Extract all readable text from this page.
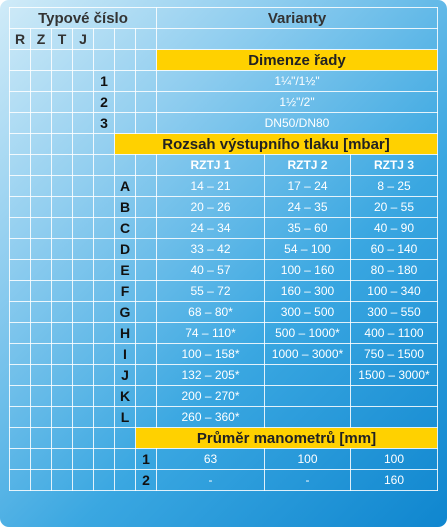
Typové číslo							Varianty		
R	Z	T	J						
							Dimenze řady		
				1			1¼"/1½"		
				2			1½"/2"		
				3			DN50/DN80		
					Rozsah výstupního tlaku [mbar]				
							RZTJ 1	RZTJ 2	RZTJ 3
					A		14 – 21	17 – 24	8 – 25
					B		20 – 26	24 – 35	20 – 55
					C		24 – 34	35 – 60	40 – 90
					D		33 – 42	54 – 100	60 – 140
					E		40 – 57	100 – 160	80 – 180
					F		55 – 72	160 – 300	100 – 340
					G		68 – 80*	300 – 500	300 – 550
					H		74 – 110*	500 – 1000*	400 – 1100
					I		100 – 158*	1000 – 3000*	750 – 1500
					J		132 – 205*		1500 – 3000*
					K		200 – 270*		
					L		260 – 360*		
						Průměr manometrů [mm]			
						1	63	100	100
						2	-	-	160
